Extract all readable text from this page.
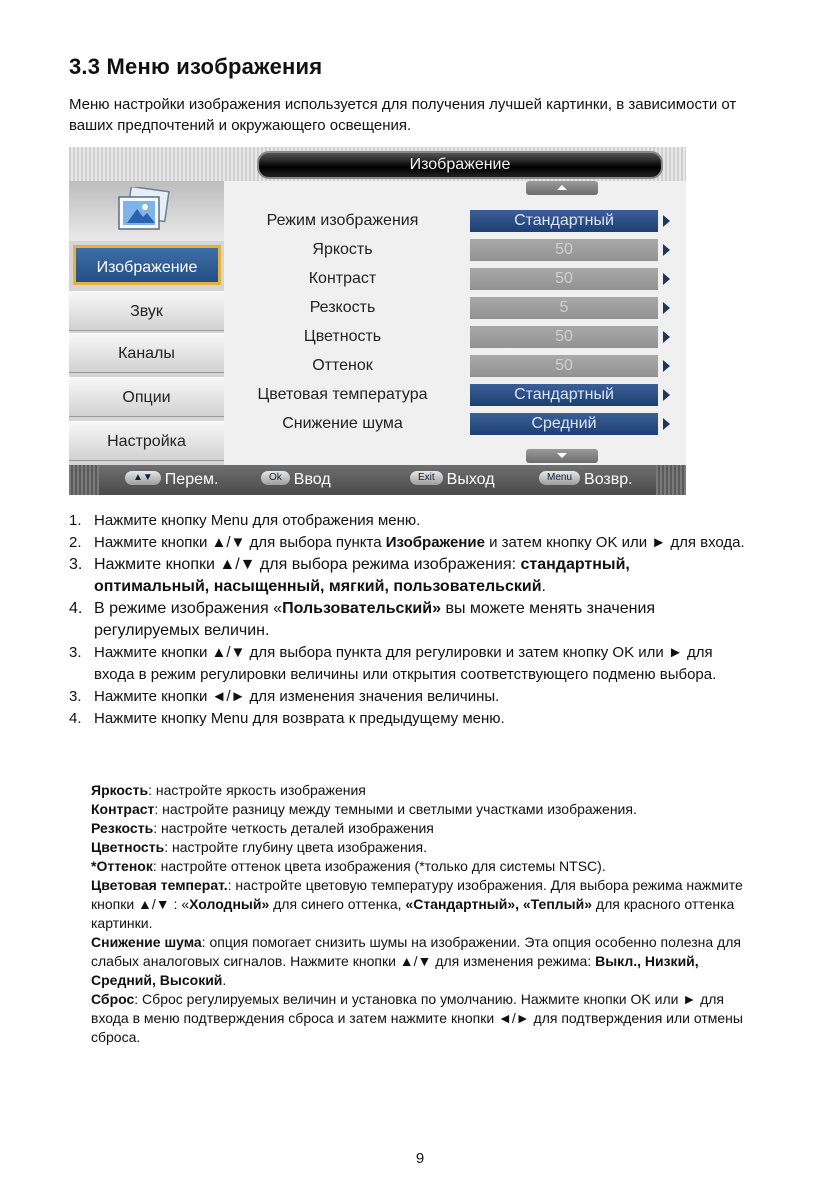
3.3 Меню изображения
Меню настройки изображения используется для получения лучшей картинки, в зависимости от ваших предпочтений и окружающего освещения.
Изображение
Изображение
Звук
Каналы
Опции
Настройка
Режим изображения	Стандартный
Яркость	50
Контраст	50
Резкость	5
Цветность	50
Оттенок	50
Цветовая температура	Стандартный
Снижение шума	Средний
▲▼ Перем.	Ok Ввод	Exit Выход	Menu Возвр.
1. Нажмите кнопку Menu для отображения меню.
2. Нажмите кнопки ▲/▼ для выбора пункта Изображение и затем кнопку OK или ► для входа.
3. Нажмите кнопки ▲/▼ для выбора режима изображения: стандартный, оптимальный, насыщенный, мягкий, пользовательский.
4. В режиме изображения «Пользовательский» вы можете менять значения регулируемых величин.
3. Нажмите кнопки ▲/▼ для выбора пункта для регулировки и затем кнопку OK или ► для входа в режим регулировки величины или открытия соответствующего подменю выбора.
3. Нажмите кнопки ◄/► для изменения значения величины.
4. Нажмите кнопку Menu для возврата к предыдущему меню.

Яркость: настройте яркость изображения

Контраст: настройте разницу между темными и светлыми участками изображения.

Резкость: настройте четкость деталей изображения

Цветность: настройте глубину цвета изображения.

*Оттенок: настройте оттенок цвета изображения (*только для системы NTSC).

Цветовая температ.: настройте цветовую температуру изображения. Для выбора режима нажмите кнопки ▲/▼ : «Холодный» для синего оттенка, «Стандартный», «Теплый» для красного оттенка картинки.

Снижение шума: опция помогает снизить шумы на изображении. Эта опция особенно полезна для слабых аналоговых сигналов. Нажмите кнопки ▲/▼ для изменения режима: Выкл., Низкий, Средний, Высокий.

Сброс: Сброс регулируемых величин и установка по умолчанию. Нажмите кнопки OK или ► для входа в меню подтверждения сброса и затем нажмите кнопки ◄/► для подтверждения или отмены сброса.

9
